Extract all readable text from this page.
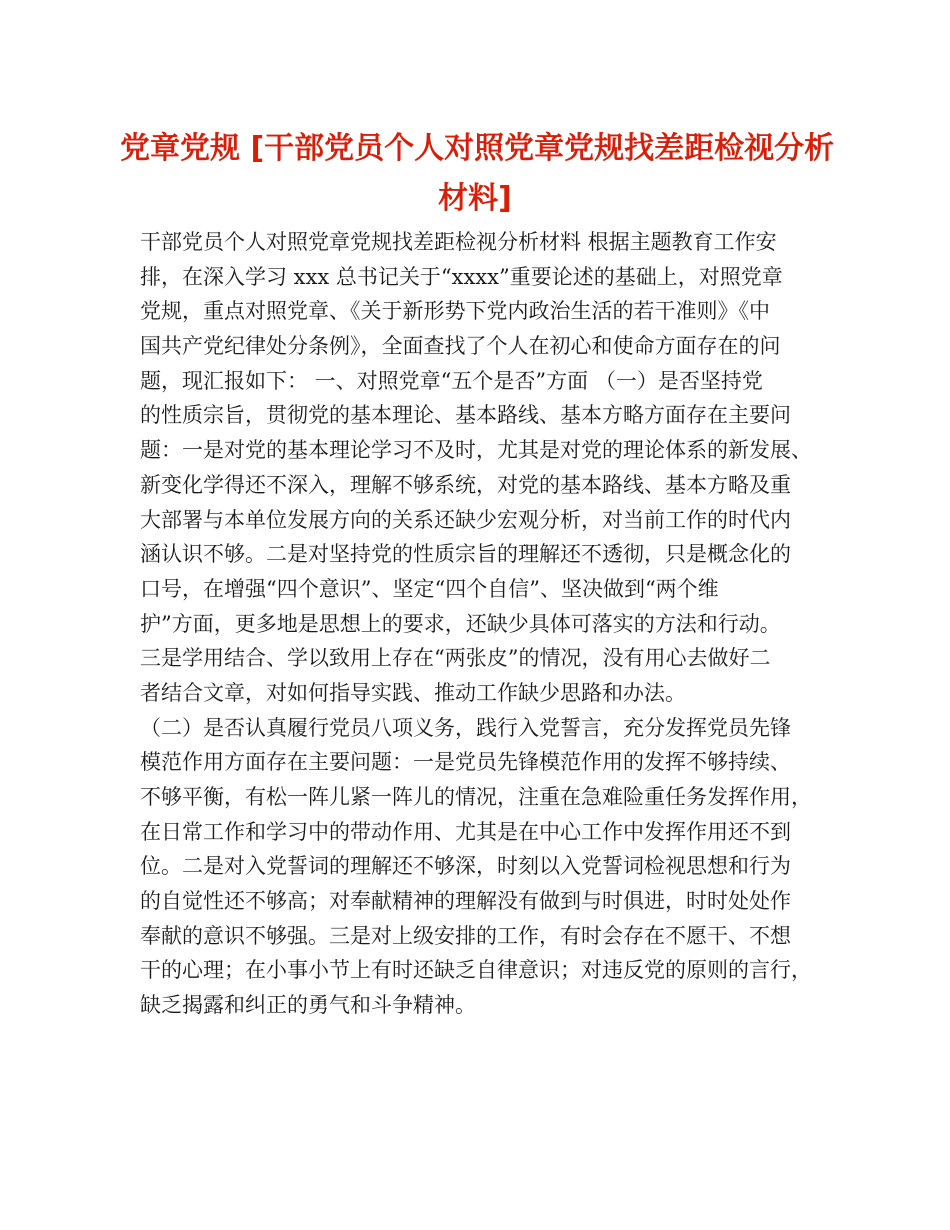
党章党规 [干部党员个人对照党章党规找差距检视分析
材料]
干部党员个人对照党章党规找差距检视分析材料 根据主题教育工作安
排，在深入学习 xxx 总书记关于“xxxx”重要论述的基础上，对照党章
党规，重点对照党章、《关于新形势下党内政治生活的若干准则》《中
国共产党纪律处分条例》，全面查找了个人在初心和使命方面存在的问
题，现汇报如下： 一、对照党章“五个是否”方面 （一）是否坚持党
的性质宗旨，贯彻党的基本理论、基本路线、基本方略方面存在主要问
题：一是对党的基本理论学习不及时，尤其是对党的理论体系的新发展、
新变化学得还不深入，理解不够系统，对党的基本路线、基本方略及重
大部署与本单位发展方向的关系还缺少宏观分析，对当前工作的时代内
涵认识不够。二是对坚持党的性质宗旨的理解还不透彻，只是概念化的
口号，在增强“四个意识”、坚定“四个自信”、坚决做到“两个维
护”方面，更多地是思想上的要求，还缺少具体可落实的方法和行动。
三是学用结合、学以致用上存在“两张皮”的情况，没有用心去做好二
者结合文章，对如何指导实践、推动工作缺少思路和办法。
（二）是否认真履行党员八项义务，践行入党誓言，充分发挥党员先锋
模范作用方面存在主要问题：一是党员先锋模范作用的发挥不够持续、
不够平衡，有松一阵儿紧一阵儿的情况，注重在急难险重任务发挥作用，
在日常工作和学习中的带动作用、尤其是在中心工作中发挥作用还不到
位。二是对入党誓词的理解还不够深，时刻以入党誓词检视思想和行为
的自觉性还不够高；对奉献精神的理解没有做到与时俱进，时时处处作
奉献的意识不够强。三是对上级安排的工作，有时会存在不愿干、不想
干的心理；在小事小节上有时还缺乏自律意识；对违反党的原则的言行，
缺乏揭露和纠正的勇气和斗争精神。
